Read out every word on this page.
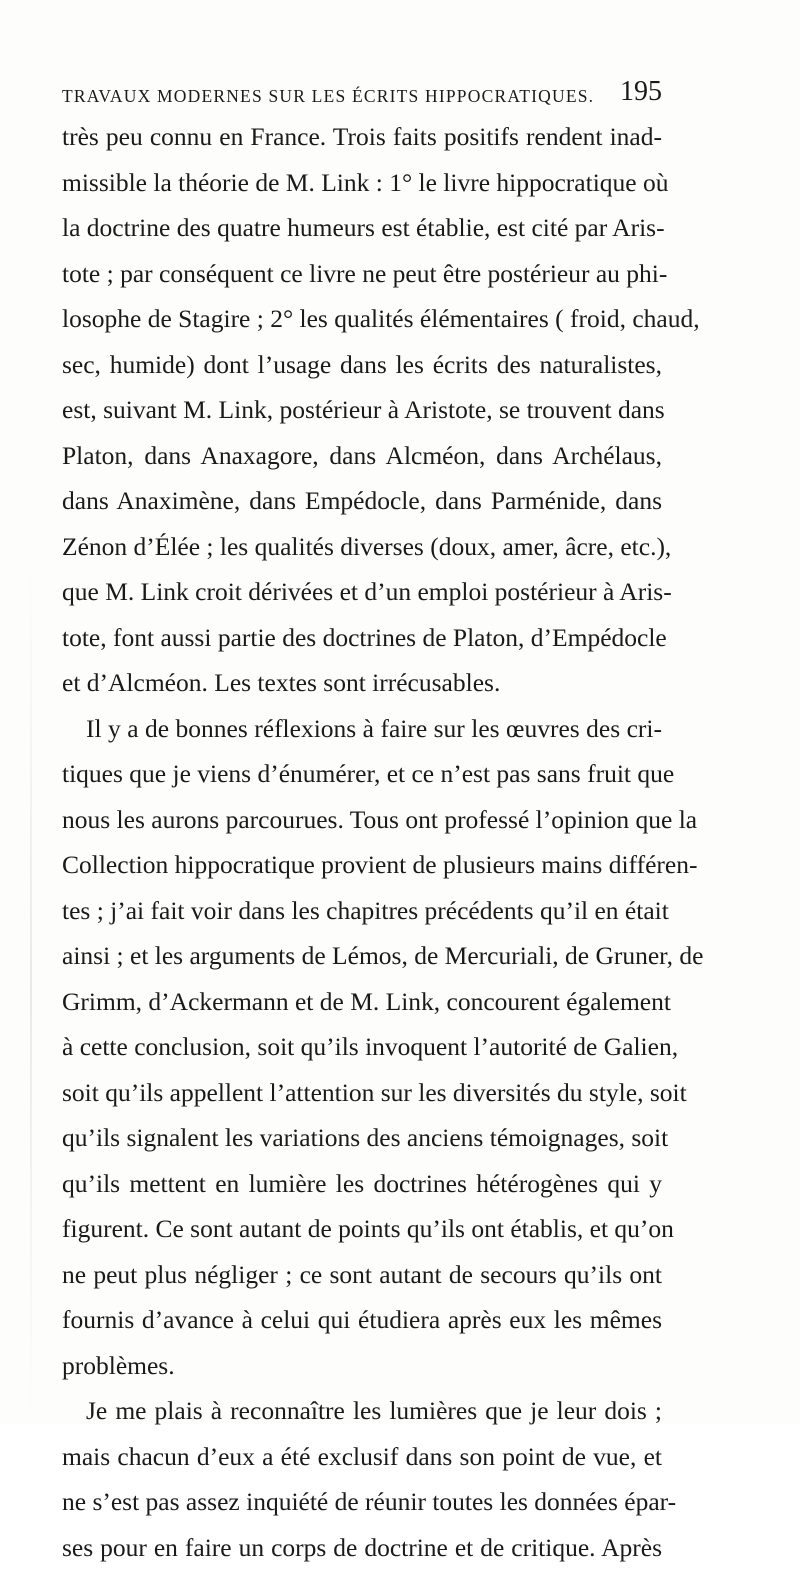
TRAVAUX MODERNES SUR LES ÉCRITS HIPPOCRATIQUES. 195
très peu connu en France. Trois faits positifs rendent inad-
missible la théorie de M. Link : 1° le livre hippocratique où
la doctrine des quatre humeurs est établie, est cité par Aris-
tote ; par conséquent ce livre ne peut être postérieur au phi-
losophe de Stagire ; 2° les qualités élémentaires ( froid, chaud,
sec, humide) dont l’usage dans les écrits des naturalistes,
est, suivant M. Link, postérieur à Aristote, se trouvent dans
Platon, dans Anaxagore, dans Alcméon, dans Archélaus,
dans Anaximène, dans Empédocle, dans Parménide, dans
Zénon d’Élée ; les qualités diverses (doux, amer, âcre, etc.),
que M. Link croit dérivées et d’un emploi postérieur à Aris-
tote, font aussi partie des doctrines de Platon, d’Empédocle
et d’Alcméon. Les textes sont irrécusables.
Il y a de bonnes réflexions à faire sur les œuvres des cri-
tiques que je viens d’énumérer, et ce n’est pas sans fruit que
nous les aurons parcourues. Tous ont professé l’opinion que la
Collection hippocratique provient de plusieurs mains différen-
tes ; j’ai fait voir dans les chapitres précédents qu’il en était
ainsi ; et les arguments de Lémos, de Mercuriali, de Gruner, de
Grimm, d’Ackermann et de M. Link, concourent également
à cette conclusion, soit qu’ils invoquent l’autorité de Galien,
soit qu’ils appellent l’attention sur les diversités du style, soit
qu’ils signalent les variations des anciens témoignages, soit
qu’ils mettent en lumière les doctrines hétérogènes qui y
figurent. Ce sont autant de points qu’ils ont établis, et qu’on
ne peut plus négliger ; ce sont autant de secours qu’ils ont
fournis d’avance à celui qui étudiera après eux les mêmes
problèmes.
Je me plais à reconnaître les lumières que je leur dois ;
mais chacun d’eux a été exclusif dans son point de vue, et
ne s’est pas assez inquiété de réunir toutes les données épar-
ses pour en faire un corps de doctrine et de critique. Après
